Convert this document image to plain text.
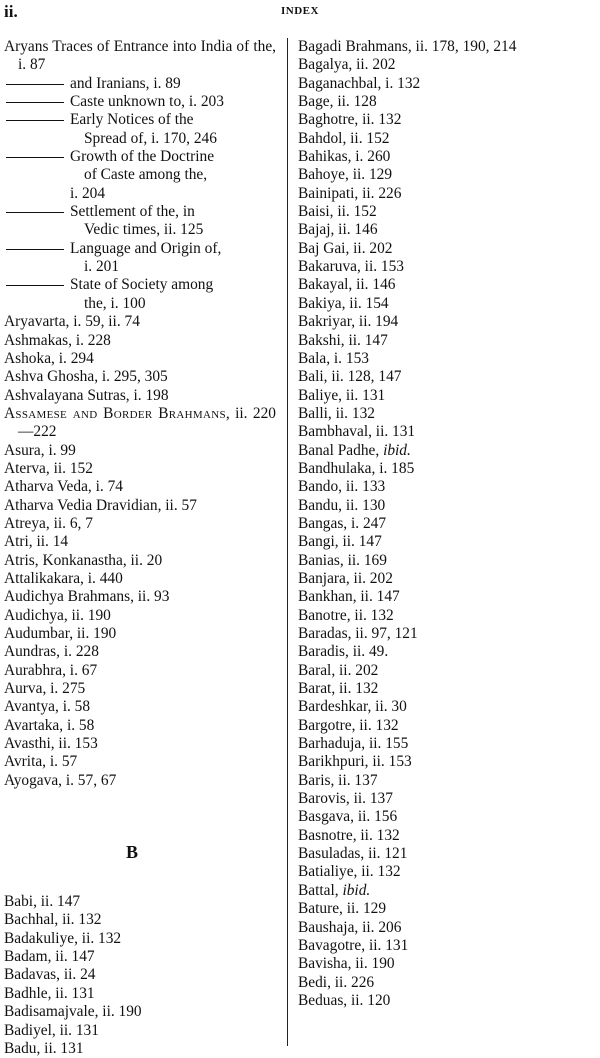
ii.	INDEX
Aryans Traces of Entrance into India of the, i. 87
and Iranians, i. 89
Caste unknown to, i. 203
Early Notices of the
Spread of, i. 170, 246
Growth of the Doctrine
of Caste among the,
i. 204
Settlement of the, in
Vedic times, ii. 125
Language and Origin of,
i. 201
State of Society among
the, i. 100
Aryavarta, i. 59, ii. 74
Ashmakas, i. 228
Ashoka, i. 294
Ashva Ghosha, i. 295, 305
Ashvalayana Sutras, i. 198
Assamese and Border Brahmans, ii. 220—222
Asura, i. 99
Aterva, ii. 152
Atharva Veda, i. 74
Atharva Vedia Dravidian, ii. 57
Atreya, ii. 6, 7
Atri, ii. 14
Atris, Konkanastha, ii. 20
Attalikakara, i. 440
Audichya Brahmans, ii. 93
Audichya, ii. 190
Audumbar, ii. 190
Aundras, i. 228
Aurabhra, i. 67
Aurva, i. 275
Avantya, i. 58
Avartaka, i. 58
Avasthi, ii. 153
Avrita, i. 57
Ayogava, i. 57, 67
B
Babi, ii. 147
Bachhal, ii. 132
Badakuliye, ii. 132
Badam, ii. 147
Badavas, ii. 24
Badhle, ii. 131
Badisamajvale, ii. 190
Badiyel, ii. 131
Badu, ii. 131
Bagadi Brahmans, ii. 178, 190, 214
Bagalya, ii. 202
Baganachbal, i. 132
Bage, ii. 128
Baghotre, ii. 132
Bahdol, ii. 152
Bahikas, i. 260
Bahoye, ii. 129
Bainipati, ii. 226
Baisi, ii. 152
Bajaj, ii. 146
Baj Gai, ii. 202
Bakaruva, ii. 153
Bakayal, ii. 146
Bakiya, ii. 154
Bakriyar, ii. 194
Bakshi, ii. 147
Bala, i. 153
Bali, ii. 128, 147
Baliye, ii. 131
Balli, ii. 132
Bambhaval, ii. 131
Banal Padhe, ibid.
Bandhulaka, i. 185
Bando, ii. 133
Bandu, ii. 130
Bangas, i. 247
Bangi, ii. 147
Banias, ii. 169
Banjara, ii. 202
Bankhan, ii. 147
Banotre, ii. 132
Baradas, ii. 97, 121
Baradis, ii. 49.
Baral, ii. 202
Barat, ii. 132
Bardeshkar, ii. 30
Bargotre, ii. 132
Barhaduja, ii. 155
Barikhpuri, ii. 153
Baris, ii. 137
Barovis, ii. 137
Basgava, ii. 156
Basnotre, ii. 132
Basuladas, ii. 121
Batialiye, ii. 132
Battal, ibid.
Bature, ii. 129
Baushaja, ii. 206
Bavagotre, ii. 131
Bavisha, ii. 190
Bedi, ii. 226
Beduas, ii. 120
